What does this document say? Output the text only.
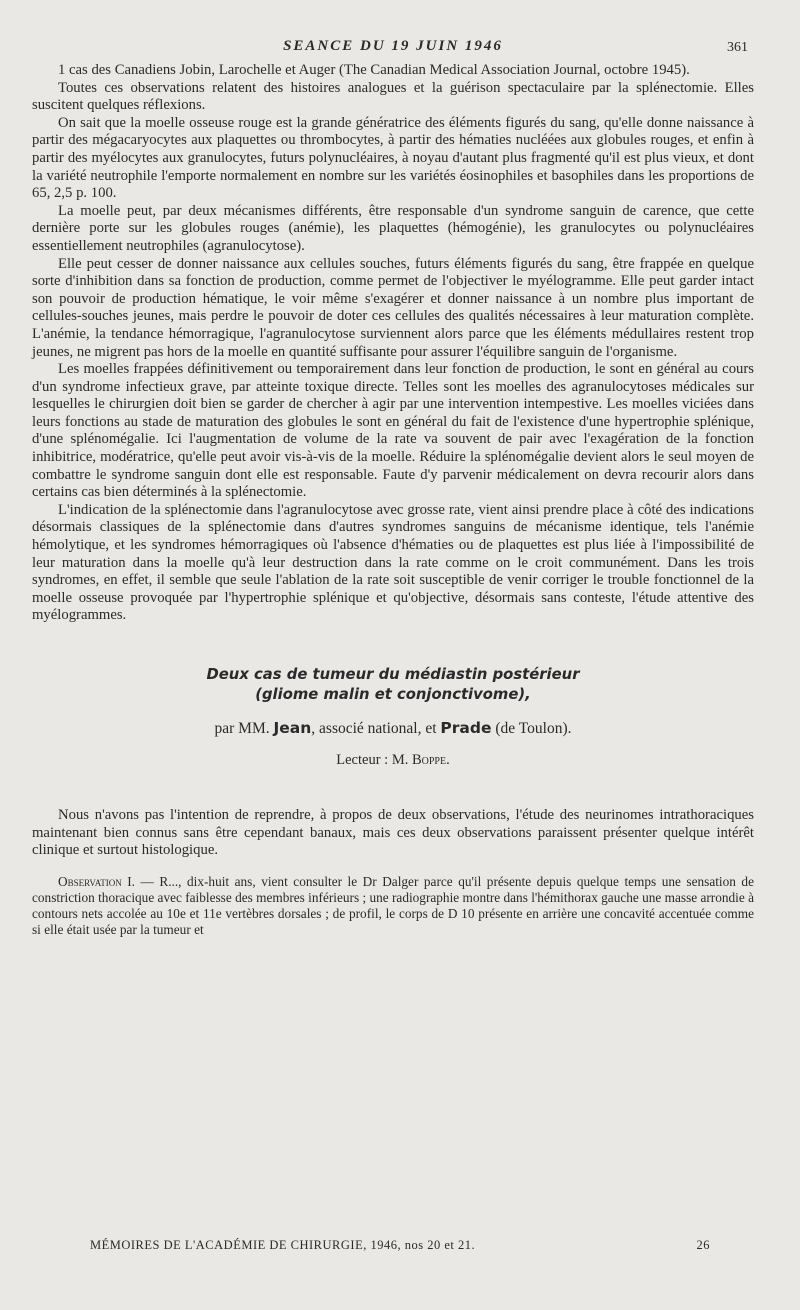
SEANCE DU 19 JUIN 1946	361

1 cas des Canadiens Jobin, Larochelle et Auger (The Canadian Medical Association Journal, octobre 1945).

Toutes ces observations relatent des histoires analogues et la guérison spectaculaire par la splénectomie. Elles suscitent quelques réflexions.

On sait que la moelle osseuse rouge est la grande génératrice des éléments figurés du sang, qu'elle donne naissance à partir des mégacaryocytes aux plaquettes ou thrombocytes, à partir des hématies nucléées aux globules rouges, et enfin à partir des myélocytes aux granulocytes, futurs polynucléaires, à noyau d'autant plus fragmenté qu'il est plus vieux, et dont la variété neutrophile l'emporte normalement en nombre sur les variétés éosinophiles et basophiles dans les proportions de 65, 2,5 p. 100.

La moelle peut, par deux mécanismes différents, être responsable d'un syndrome sanguin de carence, que cette dernière porte sur les globules rouges (anémie), les plaquettes (hémogénie), les granulocytes ou polynucléaires essentiellement neutrophiles (agranulocytose).

Elle peut cesser de donner naissance aux cellules souches, futurs éléments figurés du sang, être frappée en quelque sorte d'inhibition dans sa fonction de production, comme permet de l'objectiver le myélogramme. Elle peut garder intact son pouvoir de production hématique, le voir même s'exagérer et donner naissance à un nombre plus important de cellules-souches jeunes, mais perdre le pouvoir de doter ces cellules des qualités nécessaires à leur maturation complète. L'anémie, la tendance hémorragique, l'agranulocytose surviennent alors parce que les éléments médullaires restent trop jeunes, ne migrent pas hors de la moelle en quantité suffisante pour assurer l'équilibre sanguin de l'organisme.

Les moelles frappées définitivement ou temporairement dans leur fonction de production, le sont en général au cours d'un syndrome infectieux grave, par atteinte toxique directe. Telles sont les moelles des agranulocytoses médicales sur lesquelles le chirurgien doit bien se garder de chercher à agir par une intervention intempestive. Les moelles viciées dans leurs fonctions au stade de maturation des globules le sont en général du fait de l'existence d'une hypertrophie splénique, d'une splénomégalie. Ici l'augmentation de volume de la rate va souvent de pair avec l'exagération de la fonction inhibitrice, modératrice, qu'elle peut avoir vis-à-vis de la moelle. Réduire la splénomégalie devient alors le seul moyen de combattre le syndrome sanguin dont elle est responsable. Faute d'y parvenir médicalement on devra recourir alors dans certains cas bien déterminés à la splénectomie.

L'indication de la splénectomie dans l'agranulocytose avec grosse rate, vient ainsi prendre place à côté des indications désormais classiques de la splénectomie dans d'autres syndromes sanguins de mécanisme identique, tels l'anémie hémolytique, et les syndromes hémorragiques où l'absence d'hématies ou de plaquettes est plus liée à l'impossibilité de leur maturation dans la moelle qu'à leur destruction dans la rate comme on le croit communément. Dans les trois syndromes, en effet, il semble que seule l'ablation de la rate soit susceptible de venir corriger le trouble fonctionnel de la moelle osseuse provoquée par l'hypertrophie splénique et qu'objective, désormais sans conteste, l'étude attentive des myélogrammes.

Deux cas de tumeur du médiastin postérieur

(gliome malin et conjonctivome),

par MM. Jean, associé national, et Prade (de Toulon).

Lecteur : M. Boppe.

Nous n'avons pas l'intention de reprendre, à propos de deux observations, l'étude des neurinomes intrathoraciques maintenant bien connus sans être cependant banaux, mais ces deux observations paraissent présenter quelque intérêt clinique et surtout histologique.

Observation I. — R..., dix-huit ans, vient consulter le Dr Dalger parce qu'il présente depuis quelque temps une sensation de constriction thoracique avec faiblesse des membres inférieurs ; une radiographie montre dans l'hémithorax gauche une masse arrondie à contours nets accolée au 10e et 11e vertèbres dorsales ; de profil, le corps de D 10 présente en arrière une concavité accentuée comme si elle était usée par la tumeur et

MÉMOIRES DE L'ACADÉMIE DE CHIRURGIE, 1946, nos 20 et 21.	26
